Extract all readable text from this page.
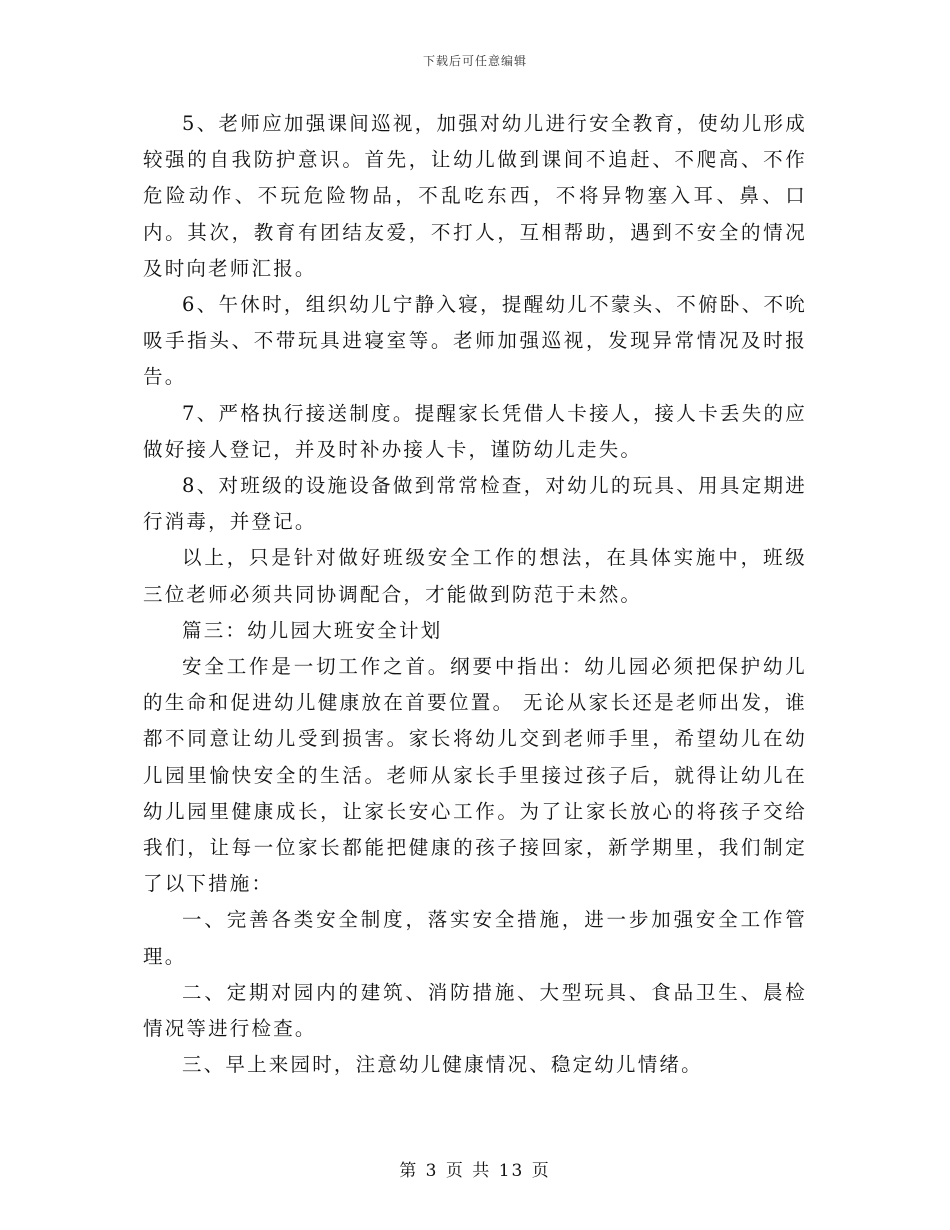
下载后可任意编辑

5、老师应加强课间巡视，加强对幼儿进行安全教育，使幼儿形成较强的自我防护意识。首先，让幼儿做到课间不追赶、不爬高、不作危险动作、不玩危险物品，不乱吃东西，不将异物塞入耳、鼻、口内。其次，教育有团结友爱，不打人，互相帮助，遇到不安全的情况及时向老师汇报。

6、午休时，组织幼儿宁静入寝，提醒幼儿不蒙头、不俯卧、不吮吸手指头、不带玩具进寝室等。老师加强巡视，发现异常情况及时报告。

7、严格执行接送制度。提醒家长凭借人卡接人，接人卡丢失的应做好接人登记，并及时补办接人卡，谨防幼儿走失。

8、对班级的设施设备做到常常检查，对幼儿的玩具、用具定期进行消毒，并登记。

以上，只是针对做好班级安全工作的想法，在具体实施中，班级三位老师必须共同协调配合，才能做到防范于未然。

篇三：幼儿园大班安全计划

安全工作是一切工作之首。纲要中指出：幼儿园必须把保护幼儿的生命和促进幼儿健康放在首要位置。 无论从家长还是老师出发，谁都不同意让幼儿受到损害。家长将幼儿交到老师手里，希望幼儿在幼儿园里愉快安全的生活。老师从家长手里接过孩子后，就得让幼儿在幼儿园里健康成长，让家长安心工作。为了让家长放心的将孩子交给我们，让每一位家长都能把健康的孩子接回家，新学期里，我们制定了以下措施：

一、完善各类安全制度，落实安全措施，进一步加强安全工作管理。

二、定期对园内的建筑、消防措施、大型玩具、食品卫生、晨检情况等进行检查。

三、早上来园时，注意幼儿健康情况、稳定幼儿情绪。

第 3 页 共 13 页
